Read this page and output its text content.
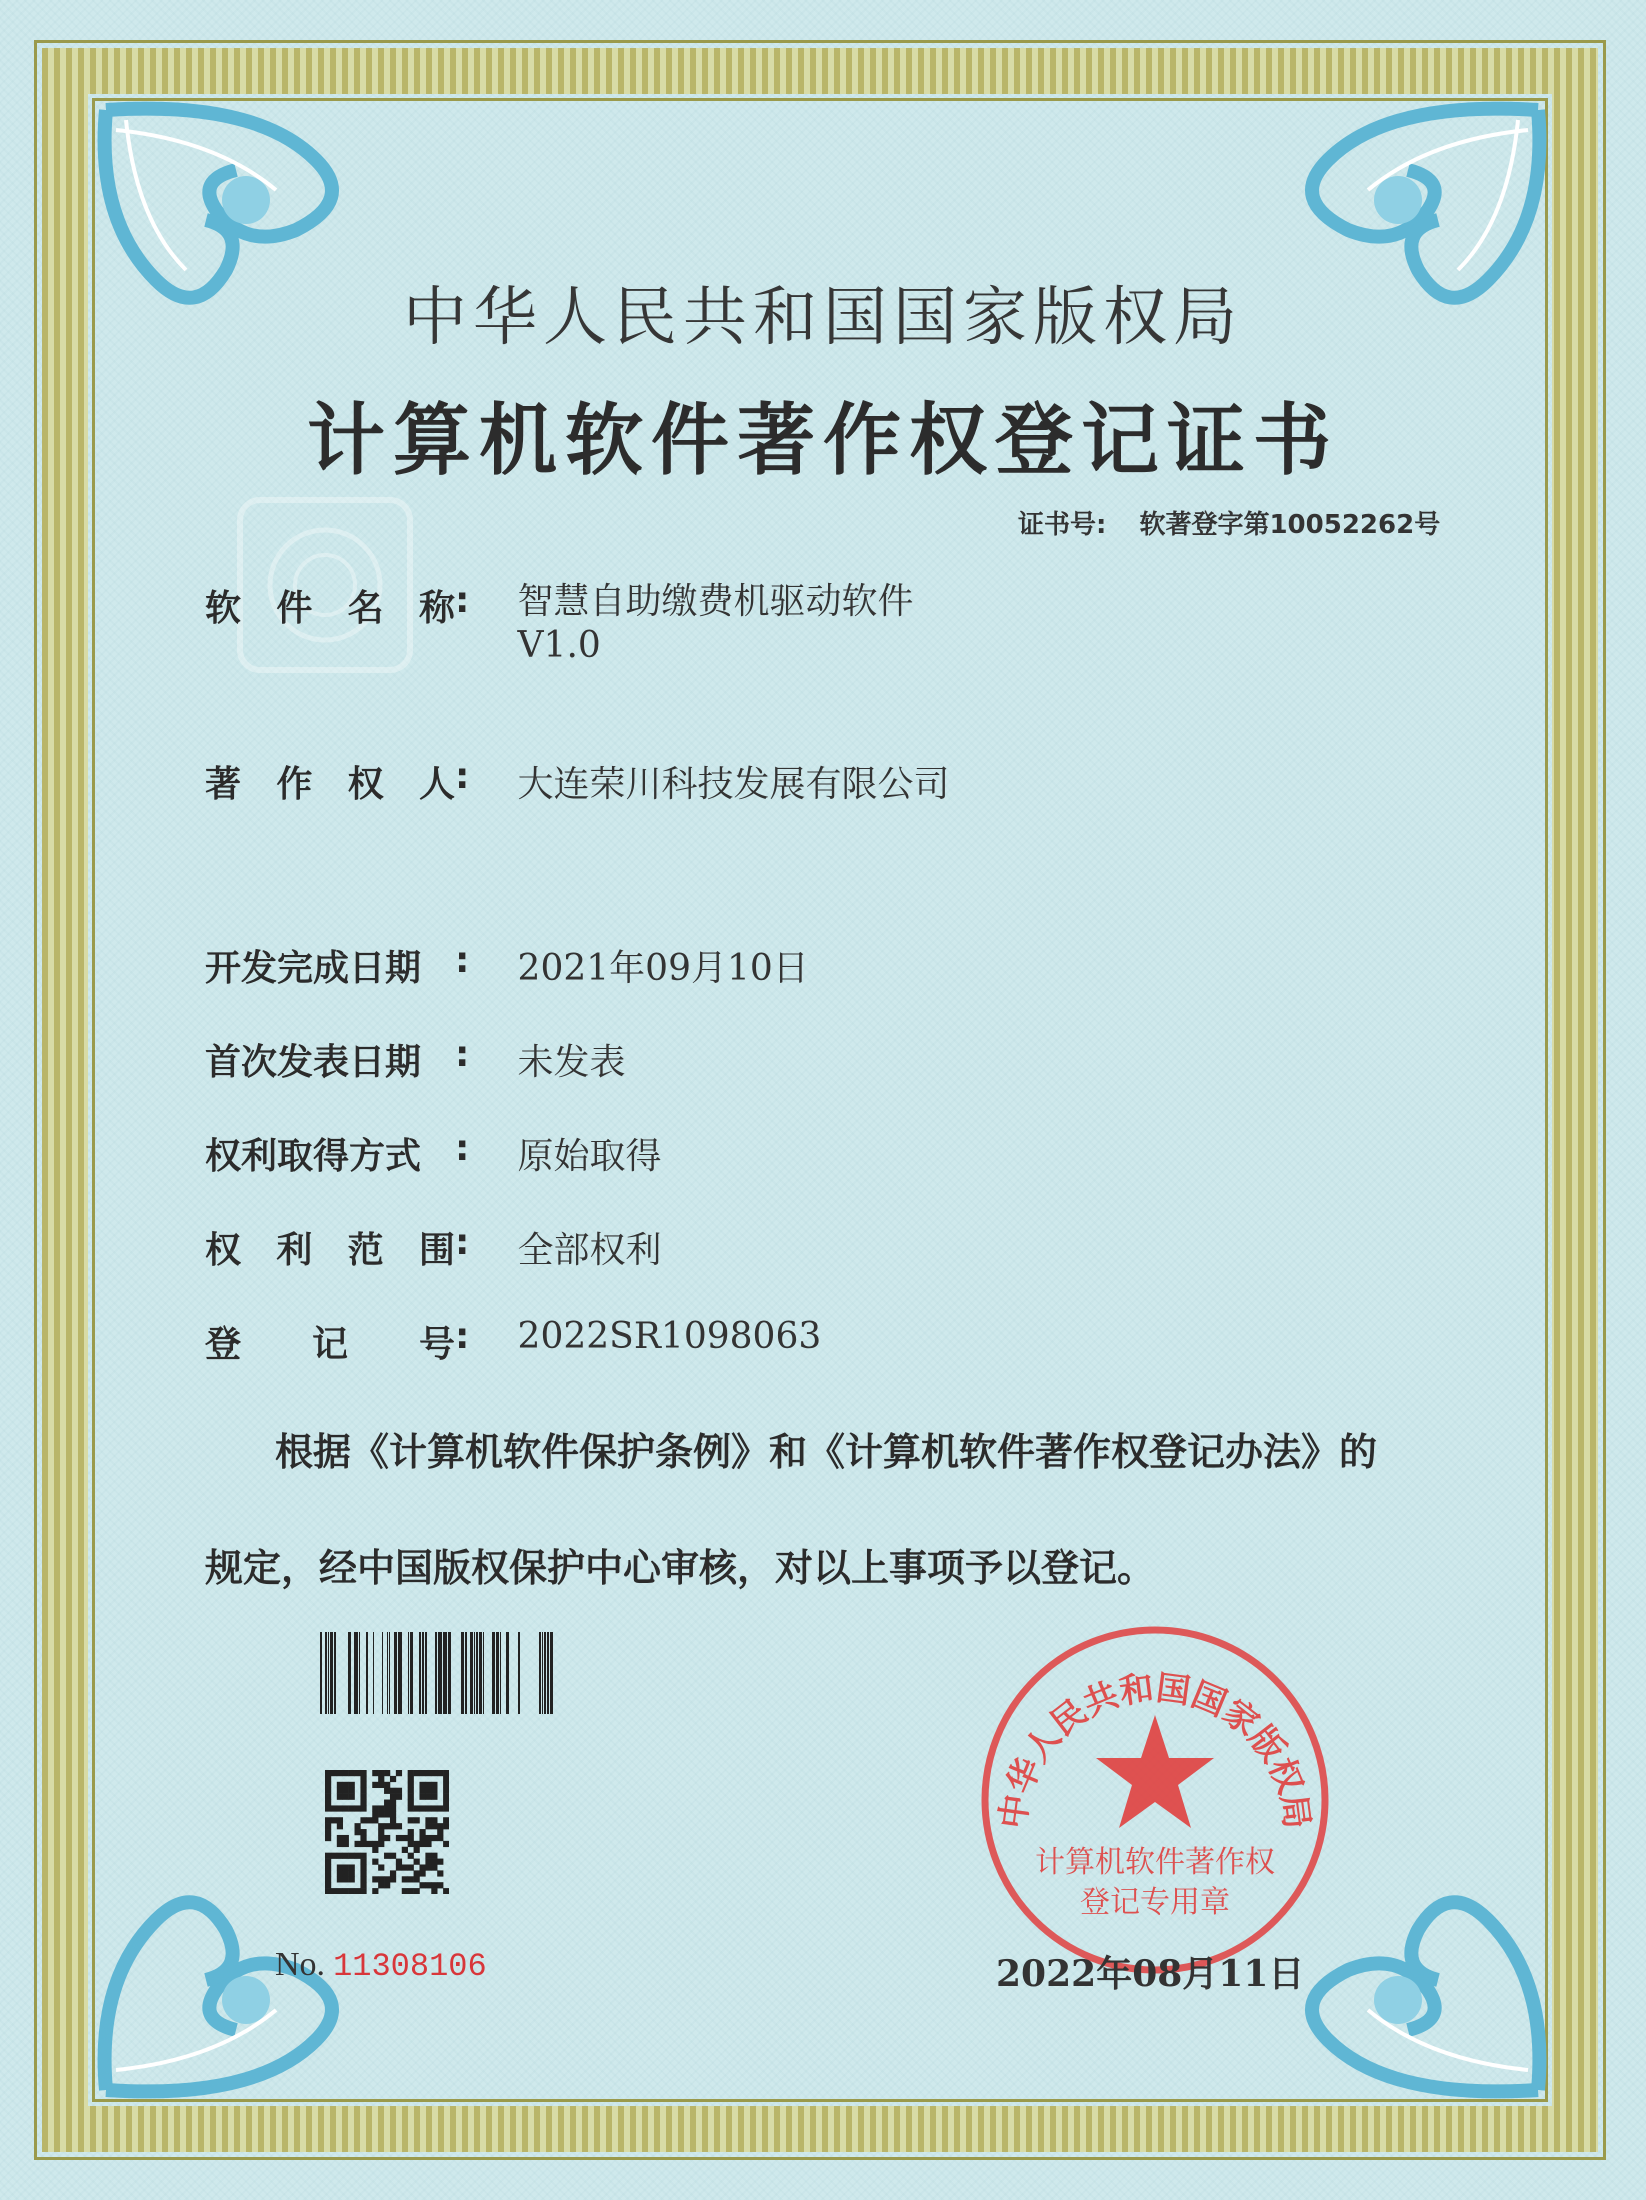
中华人民共和国国家版权局
计算机软件著作权登记证书
证书号: 软著登字第10052262号
软 件 名 称 :
智慧自助缴费机驱动软件
V1.0
著 作 权 人 : 大连荣川科技发展有限公司
开发完成日期 : 2021年09月10日
首次发表日期 : 未发表
权利取得方式 : 原始取得
权 利 范 围 : 全部权利
登 记 号 : 2022SR1098063
根据《计算机软件保护条例》和《计算机软件著作权登记办法》的
规定，经中国版权保护中心审核，对以上事项予以登记。
中华人民共和国国家版权局
计算机软件著作权
登记专用章
No. 11308106	2022年08月11日
